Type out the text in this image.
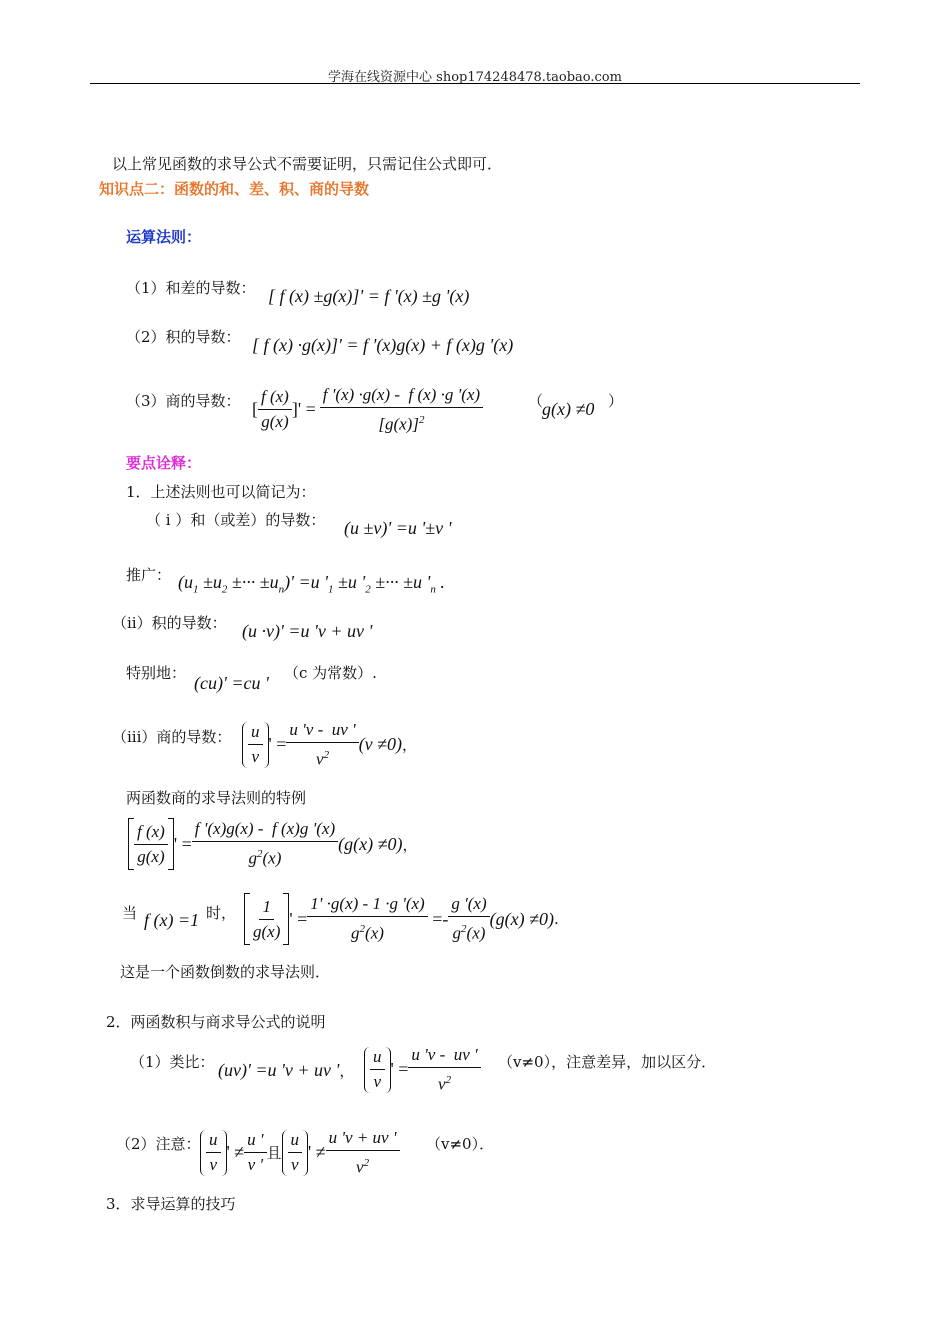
学海在线资源中心 shop174248478.taobao.com
以上常见函数的求导公式不需要证明，只需记住公式即可．
知识点二：函数的和、差、积、商的导数
运算法则：
（1）和差的导数： [ f (x) ±g(x)]' = f '(x) ±g '(x)
（2）积的导数： [ f (x) ·g(x)]' = f '(x)g(x) + f (x)g '(x)
（3）商的导数： [ $\frac{f (x)}{g(x)}$ ]' = $\frac{f '(x) \cdot g(x) - f (x) \cdot g '(x)}{[g(x)]^2}$	（
g(x) ≠0 ）
要点诠释：
1．上述法则也可以简记为：
（ i ）和（或差）的导数： (u ±v)' =u '±v '
推广： ($u_1 \pm u_2$ ±··· $\pm u_n)' =u$ '$_1 \pm u$ '$_2$ ±··· ±u '$_n$ .
（ii）积的导数： (u ·v)' =u 'v + uv '
特别地： (cu)' =cu ' （c 为常数）.
（iii）商的导数： $\frac{u}{v}$ ' = $\frac{u 'v - uv '}{v^2} (v \ne 0)$ ，
两函数商的求导法则的特例
$\frac{f (x)}{g(x)}$ ' = $\frac{f '(x)g(x) - f (x)g '(x)}{g^2(x)} (g(x) \ne 0)$ ，
当 f (x) =1 时， $\frac{1}{g(x)}$ ' = $\frac{1' \cdot g(x) - 1 \cdot g '(x)}{g^2(x)} =- \frac{g '(x)}{g^2(x)} (g(x) \ne 0)$ .
这是一个函数倒数的求导法则．
2．两函数积与商求导公式的说明
（1）类比： (uv)' =u 'v + uv '， $\frac{u}{v}$ ' = $\frac{u 'v - uv '}{v^2} (v\ne 0)$，注意差异，加以区分．
（2）注意： $\frac{u}{v}$ ' ≠ $\frac{u '}{v '}$ 且 $\frac{u}{v}$ ' ≠ $\frac{u 'v + uv '}{v^2} (v\ne 0)$．
3．求导运算的技巧
